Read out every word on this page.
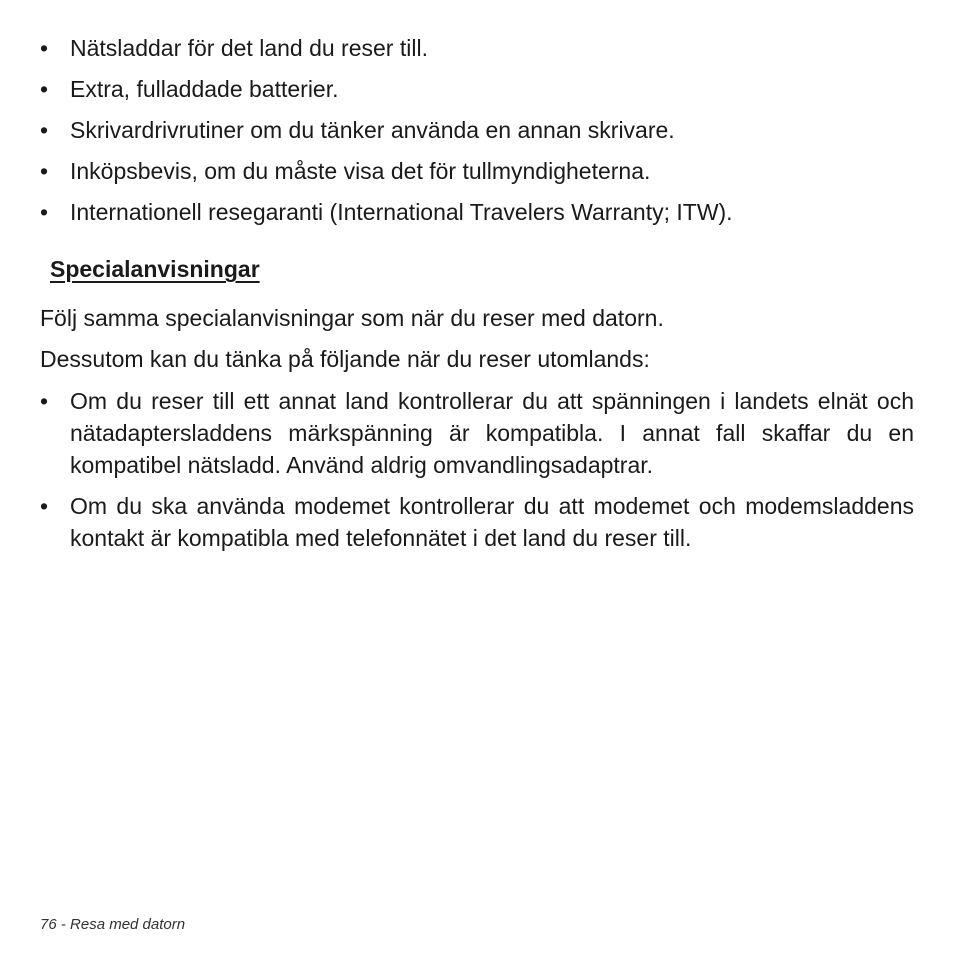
• Nätsladdar för det land du reser till.
• Extra, fulladdade batterier.
• Skrivardrivrutiner om du tänker använda en annan skrivare.
• Inköpsbevis, om du måste visa det för tullmyndigheterna.
• Internationell resegaranti (International Travelers Warranty; ITW).
Specialanvisningar

Följ samma specialanvisningar som när du reser med datorn.

Dessutom kan du tänka på följande när du reser utomlands:

• Om du reser till ett annat land kontrollerar du att spänningen i landets elnät och nätadaptersladdens märkspänning är kompatibla. I annat fall skaffar du en kompatibel nätsladd. Använd aldrig omvandlingsadaptrar.
• Om du ska använda modemet kontrollerar du att modemet och modemsladdens kontakt är kompatibla med telefonnätet i det land du reser till.
76 - Resa med datorn
